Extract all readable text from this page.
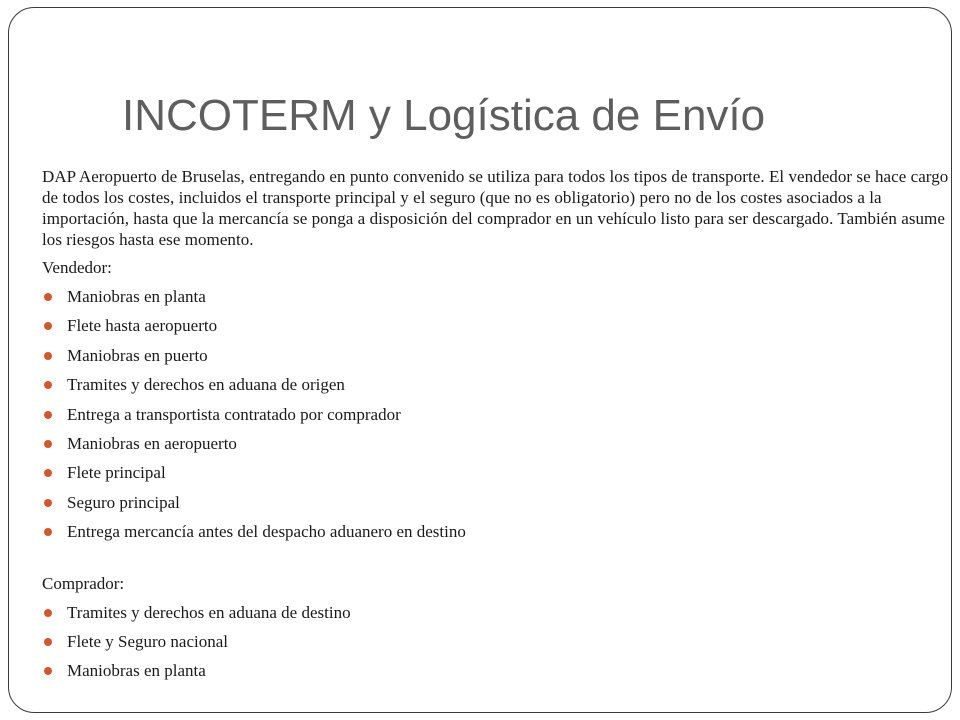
INCOTERM y Logística de Envío

DAP Aeropuerto de Bruselas, entregando en punto convenido se utiliza para todos los tipos de transporte. El vendedor se hace cargo de todos los costes, incluidos el transporte principal y el seguro (que no es obligatorio) pero no de los costes asociados a la importación, hasta que la mercancía se ponga a disposición del comprador en un vehículo listo para ser descargado. También asume los riesgos hasta ese momento.

Vendedor:

Maniobras en planta
Flete hasta aeropuerto
Maniobras en puerto
Tramites y derechos en aduana de origen
Entrega a transportista contratado por comprador
Maniobras en aeropuerto
Flete principal
Seguro principal
Entrega mercancía antes del despacho aduanero en destino

Comprador:

Tramites y derechos en aduana de destino
Flete y Seguro nacional
Maniobras en planta
